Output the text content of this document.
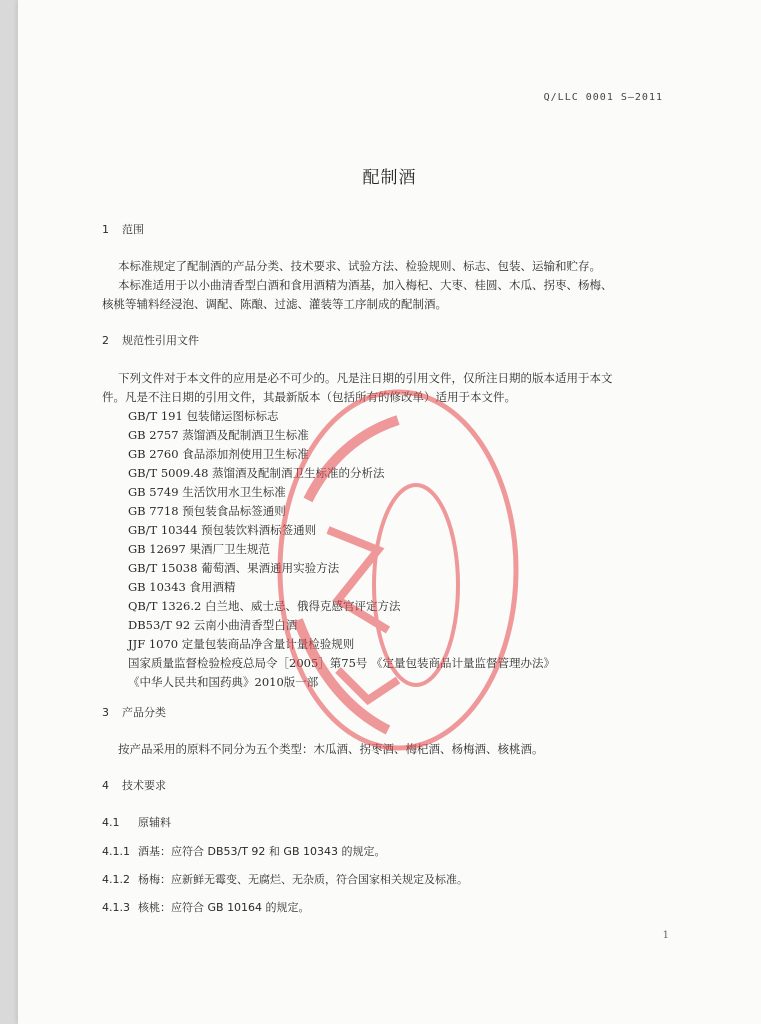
Q/LLC 0001 S—2011
配制酒
1 范围
本标准规定了配制酒的产品分类、技术要求、试验方法、检验规则、标志、包装、运输和贮存。
本标准适用于以小曲清香型白酒和食用酒精为酒基，加入梅杞、大枣、桂圆、木瓜、拐枣、杨梅、
核桃等辅料经浸泡、调配、陈酿、过滤、灌装等工序制成的配制酒。
2 规范性引用文件
下列文件对于本文件的应用是必不可少的。凡是注日期的引用文件，仅所注日期的版本适用于本文
件。凡是不注日期的引用文件，其最新版本（包括所有的修改单）适用于本文件。
GB/T 191 包装储运图标标志
GB 2757 蒸馏酒及配制酒卫生标准
GB 2760 食品添加剂使用卫生标准
GB/T 5009.48 蒸馏酒及配制酒卫生标准的分析法
GB 5749 生活饮用水卫生标准
GB 7718 预包装食品标签通则
GB/T 10344 预包装饮料酒标签通则
GB 12697 果酒厂卫生规范
GB/T 15038 葡萄酒、果酒通用实验方法
GB 10343 食用酒精
QB/T 1326.2 白兰地、威士忌、俄得克感官评定方法
DB53/T 92 云南小曲清香型白酒
JJF 1070 定量包装商品净含量计量检验规则
国家质量监督检验检疫总局令［2005］第75号 《定量包装商品计量监督管理办法》
《中华人民共和国药典》2010版一部
3 产品分类
按产品采用的原料不同分为五个类型：木瓜酒、拐枣酒、梅杞酒、杨梅酒、核桃酒。
4 技术要求
4.1 原辅料
4.1.1 酒基：应符合 DB53/T 92 和 GB 10343 的规定。
4.1.2 杨梅：应新鲜无霉变、无腐烂、无杂质，符合国家相关规定及标准。
4.1.3 核桃：应符合 GB 10164 的规定。
1
